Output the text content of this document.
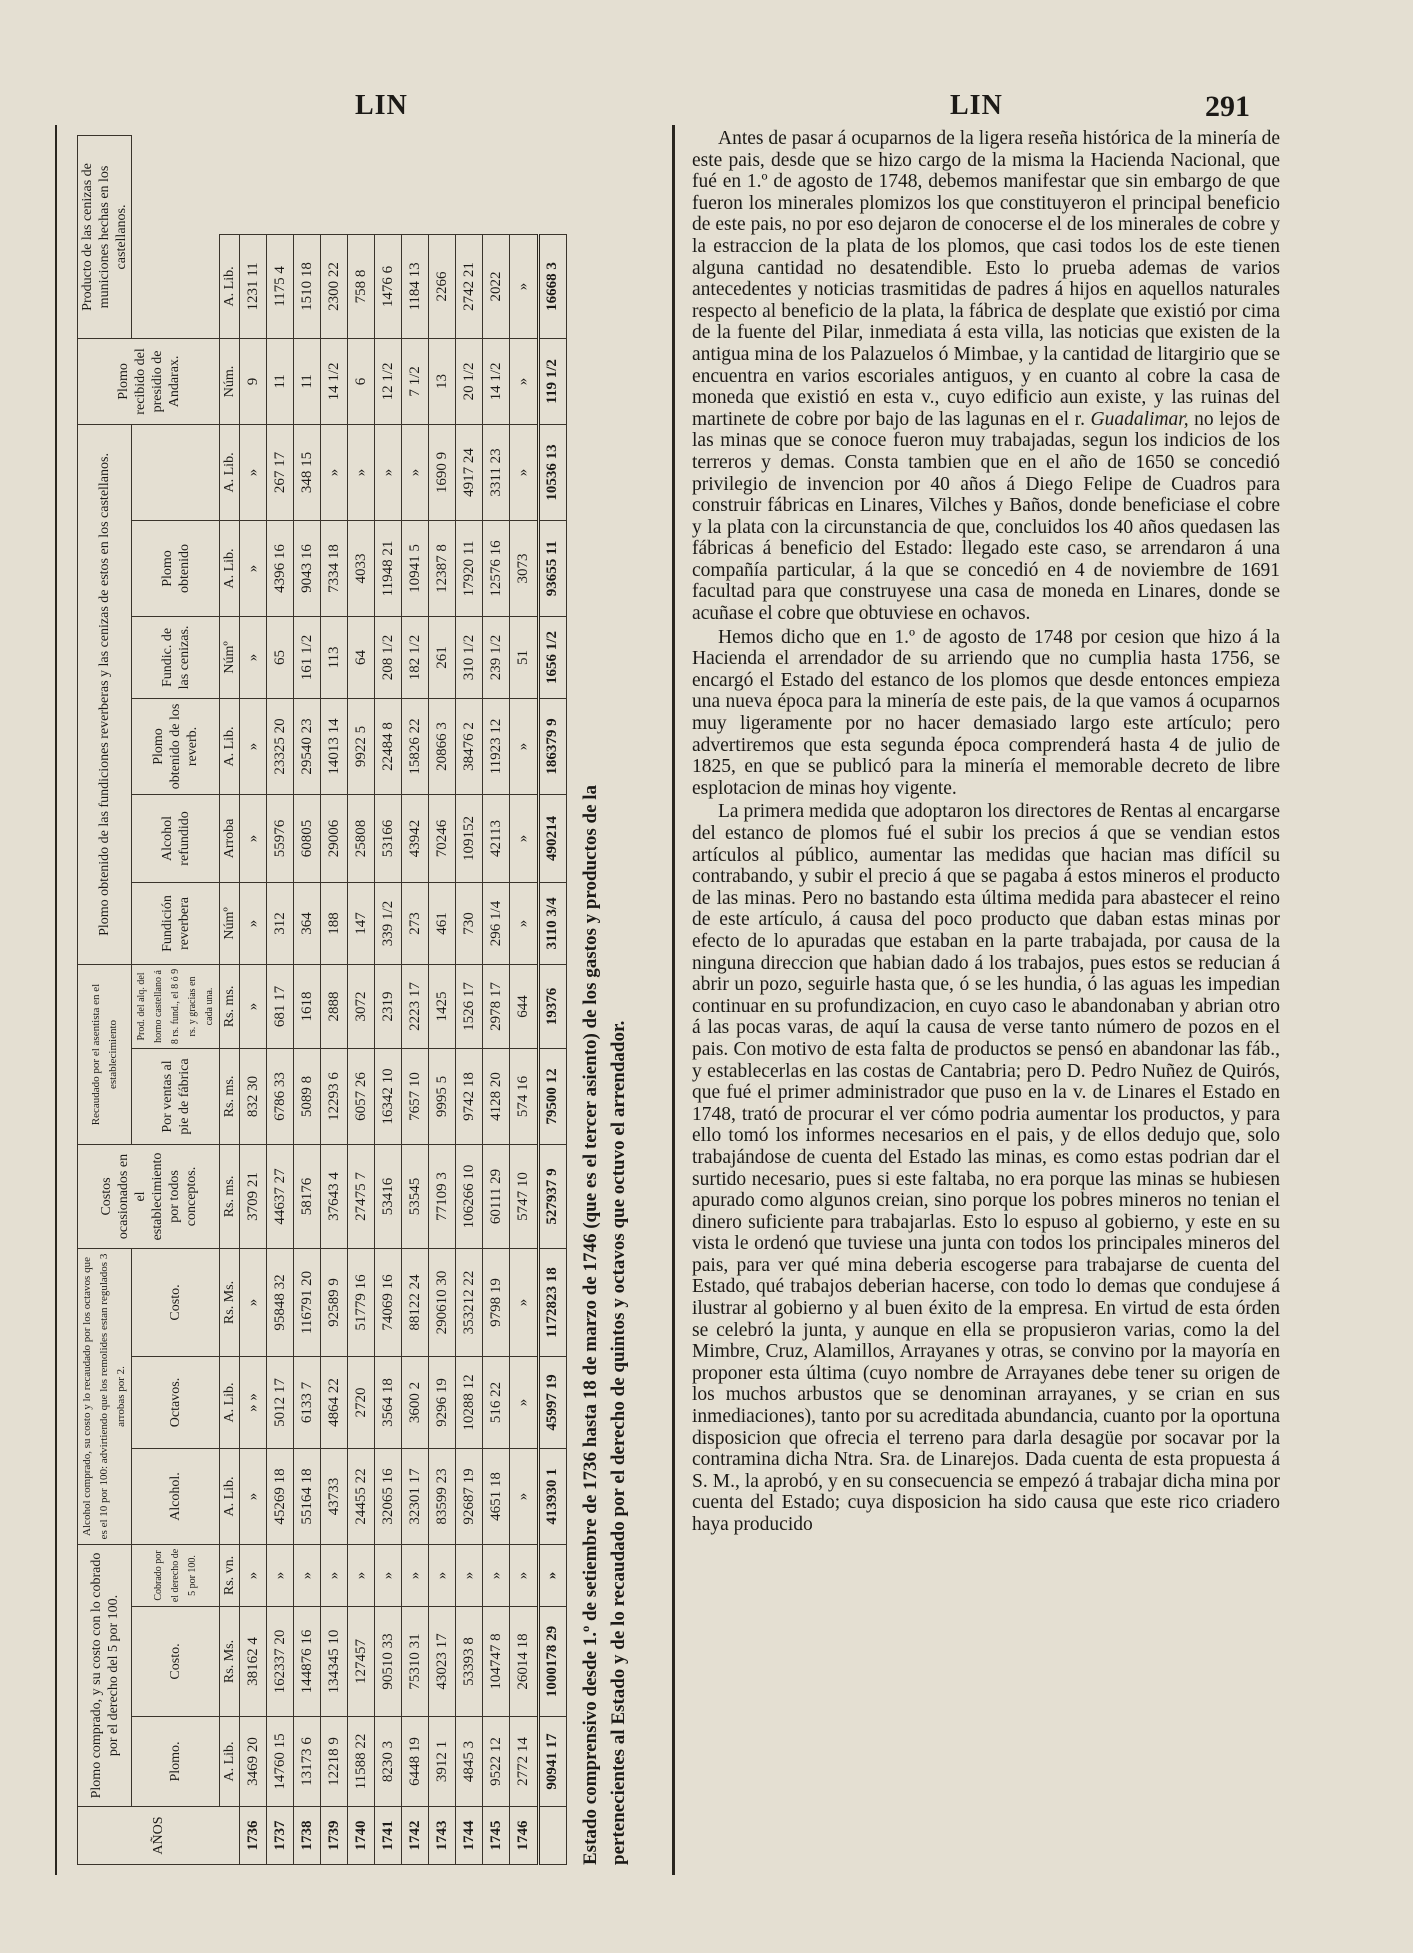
LIN	LIN	291
Estado comprensivo desde 1.º de setiembre de 1736 hasta 18 de marzo de 1746 (que es el tercer asiento) de los gastos y productos de la pertenecientes al Estado y de lo recaudado por el derecho de quintos y octavos que octuvo el arrendador.
AÑOS	Plomo comprado, y su costo con lo cobrado por el derecho del 5 por 100.			Alcohol comprado, su costo y lo recaudado por los octavos que es el 10 por 100: advirtiendo que los remolides estan regulados 3 arrobas por 2.			Costos ocasionados en el establecimiento por todos conceptos.	Recaudado por el asentista en el establecimiento		Plomo obtenido de las fundiciones reverberas y las cenizas de estos en los castellanos.						Plomo recibido del presidio de Andarax.	Producto de las cenizas de municiones hechas en los castellanos.
	Plomo.	Costo.	Cobrado por el derecho de 5 por 100.	Alcohol.	Octavos.	Costo.		Por ventas al pie de fábrica	Prod. del alq. del horno castellano á 8 rs. fund., el 8 ó 9 rs. y gracias en cada una.	Fundición reverbera	Alcohol refundido	Plomo obtenido de los reverb.	Fundic. de las cenizas.	Plomo obtenido		
	A. Lib.	Rs. Ms.	Rs. vn.	A. Lib.	A. Lib.	Rs. Ms.	Rs. ms.	Rs. ms.	Rs. ms.	Númº	Arroba	A. Lib.	Númº	A. Lib.	A. Lib.	Núm.	A. Lib.
1736	3469 20	38162 4	»	»	» »	»	3709 21	832 30	»	»	»	»	»	»	»	9	1231 11
1737	14760 15	162337 20	»	45269 18	5012 17	95848 32	44637 27	6786 33	681 17	312	55976	23325 20	65	4396 16	267 17	11	1175 4
1738	13173 6	144876 16	»	55164 18	6133 7	116791 20	58176	5089 8	1618	364	60805	29540 23	161 1/2	9043 16	348 15	11	1510 18
1739	12218 9	134345 10	»	43733	4864 22	92589 9	37643 4	12293 6	2888	188	29006	14013 14	113	7334 18	»	14 1/2	2300 22
1740	11588 22	127457	»	24455 22	2720	51779 16	27475 7	6057 26	3072	147	25808	9922 5	64	4033	»	6	758 8
1741	8230 3	90510 33	»	32065 16	3564 18	74069 16	53416	16342 10	2319	339 1/2	53166	22484 8	208 1/2	11948 21	»	12 1/2	1476 6
1742	6448 19	75310 31	»	32301 17	3600 2	88122 24	53545	7657 10	2223 17	273	43942	15826 22	182 1/2	10941 5	»	7 1/2	1184 13
1743	3912 1	43023 17	»	83599 23	9296 19	290610 30	77109 3	9995 5	1425	461	70246	20866 3	261	12387 8	1690 9	13	2266
1744	4845 3	53393 8	»	92687 19	10288 12	353212 22	106266 10	9742 18	1526 17	730	109152	38476 2	310 1/2	17920 11	4917 24	20 1/2	2742 21
1745	9522 12	104747 8	»	4651 18	516 22	9798 19	60111 29	4128 20	2978 17	296 1/4	42113	11923 12	239 1/2	12576 16	3311 23	14 1/2	2022
1746	2772 14	26014 18	»	»	»	»	5747 10	574 16	644	»	»	»	51	3073	»	»	»
	90941 17	1000178 29	»	413930 1	45997 19	1172823 18	527937 9	79500 12	19376	3110 3/4	490214	186379 9	1656 1/2	93655 11	10536 13	119 1/2	16668 3

Antes de pasar á ocuparnos de la ligera reseña histórica de la minería de este pais, desde que se hizo cargo de la misma la Hacienda Nacional, que fué en 1.º de agosto de 1748, debemos manifestar que sin embargo de que fueron los minerales plomizos los que constituyeron el principal beneficio de este pais, no por eso dejaron de conocerse el de los minerales de cobre y la estraccion de la plata de los plomos, que casi todos los de este tienen alguna cantidad no desatendible. Esto lo prueba ademas de varios antecedentes y noticias trasmitidas de padres á hijos en aquellos naturales respecto al beneficio de la plata, la fábrica de desplate que existió por cima de la fuente del Pilar, inmediata á esta villa, las noticias que existen de la antigua mina de los Palazuelos ó Mimbae, y la cantidad de litargirio que se encuentra en varios escoriales antiguos, y en cuanto al cobre la casa de moneda que existió en esta v., cuyo edificio aun existe, y las ruinas del martinete de cobre por bajo de las lagunas en el r. Guadalimar, no lejos de las minas que se conoce fueron muy trabajadas, segun los indicios de los terreros y demas. Consta tambien que en el año de 1650 se concedió privilegio de invencion por 40 años á Diego Felipe de Cuadros para construir fábricas en Linares, Vilches y Baños, donde beneficiase el cobre y la plata con la circunstancia de que, concluidos los 40 años quedasen las fábricas á beneficio del Estado: llegado este caso, se arrendaron á una compañía particular, á la que se concedió en 4 de noviembre de 1691 facultad para que construyese una casa de moneda en Linares, donde se acuñase el cobre que obtuviese en ochavos.

Hemos dicho que en 1.º de agosto de 1748 por cesion que hizo á la Hacienda el arrendador de su arriendo que no cumplia hasta 1756, se encargó el Estado del estanco de los plomos que desde entonces empieza una nueva época para la minería de este pais, de la que vamos á ocuparnos muy ligeramente por no hacer demasiado largo este artículo; pero advertiremos que esta segunda época comprenderá hasta 4 de julio de 1825, en que se publicó para la minería el memorable decreto de libre esplotacion de minas hoy vigente.

La primera medida que adoptaron los directores de Rentas al encargarse del estanco de plomos fué el subir los precios á que se vendian estos artículos al público, aumentar las medidas que hacian mas difícil su contrabando, y subir el precio á que se pagaba á estos mineros el producto de las minas. Pero no bastando esta última medida para abastecer el reino de este artículo, á causa del poco producto que daban estas minas por efecto de lo apuradas que estaban en la parte trabajada, por causa de la ninguna direccion que habian dado á los trabajos, pues estos se reducian á abrir un pozo, seguirle hasta que, ó se les hundia, ó las aguas les impedian continuar en su profundizacion, en cuyo caso le abandonaban y abrian otro á las pocas varas, de aquí la causa de verse tanto número de pozos en el pais. Con motivo de esta falta de productos se pensó en abandonar las fáb., y establecerlas en las costas de Cantabria; pero D. Pedro Nuñez de Quirós, que fué el primer administrador que puso en la v. de Linares el Estado en 1748, trató de procurar el ver cómo podria aumentar los productos, y para ello tomó los informes necesarios en el pais, y de ellos dedujo que, solo trabajándose de cuenta del Estado las minas, es como estas podrian dar el surtido necesario, pues si este faltaba, no era porque las minas se hubiesen apurado como algunos creian, sino porque los pobres mineros no tenian el dinero suficiente para trabajarlas. Esto lo espuso al gobierno, y este en su vista le ordenó que tuviese una junta con todos los principales mineros del pais, para ver qué mina deberia escogerse para trabajarse de cuenta del Estado, qué trabajos deberian hacerse, con todo lo demas que condujese á ilustrar al gobierno y al buen éxito de la empresa. En virtud de esta órden se celebró la junta, y aunque en ella se propusieron varias, como la del Mimbre, Cruz, Alamillos, Arrayanes y otras, se convino por la mayoría en proponer esta última (cuyo nombre de Arrayanes debe tener su origen de los muchos arbustos que se denominan arrayanes, y se crian en sus inmediaciones), tanto por su acreditada abundancia, cuanto por la oportuna disposicion que ofrecia el terreno para darla desagüe por socavar por la contramina dicha Ntra. Sra. de Linarejos. Dada cuenta de esta propuesta á S. M., la aprobó, y en su consecuencia se empezó á trabajar dicha mina por cuenta del Estado; cuya disposicion ha sido causa que este rico criadero haya producido
